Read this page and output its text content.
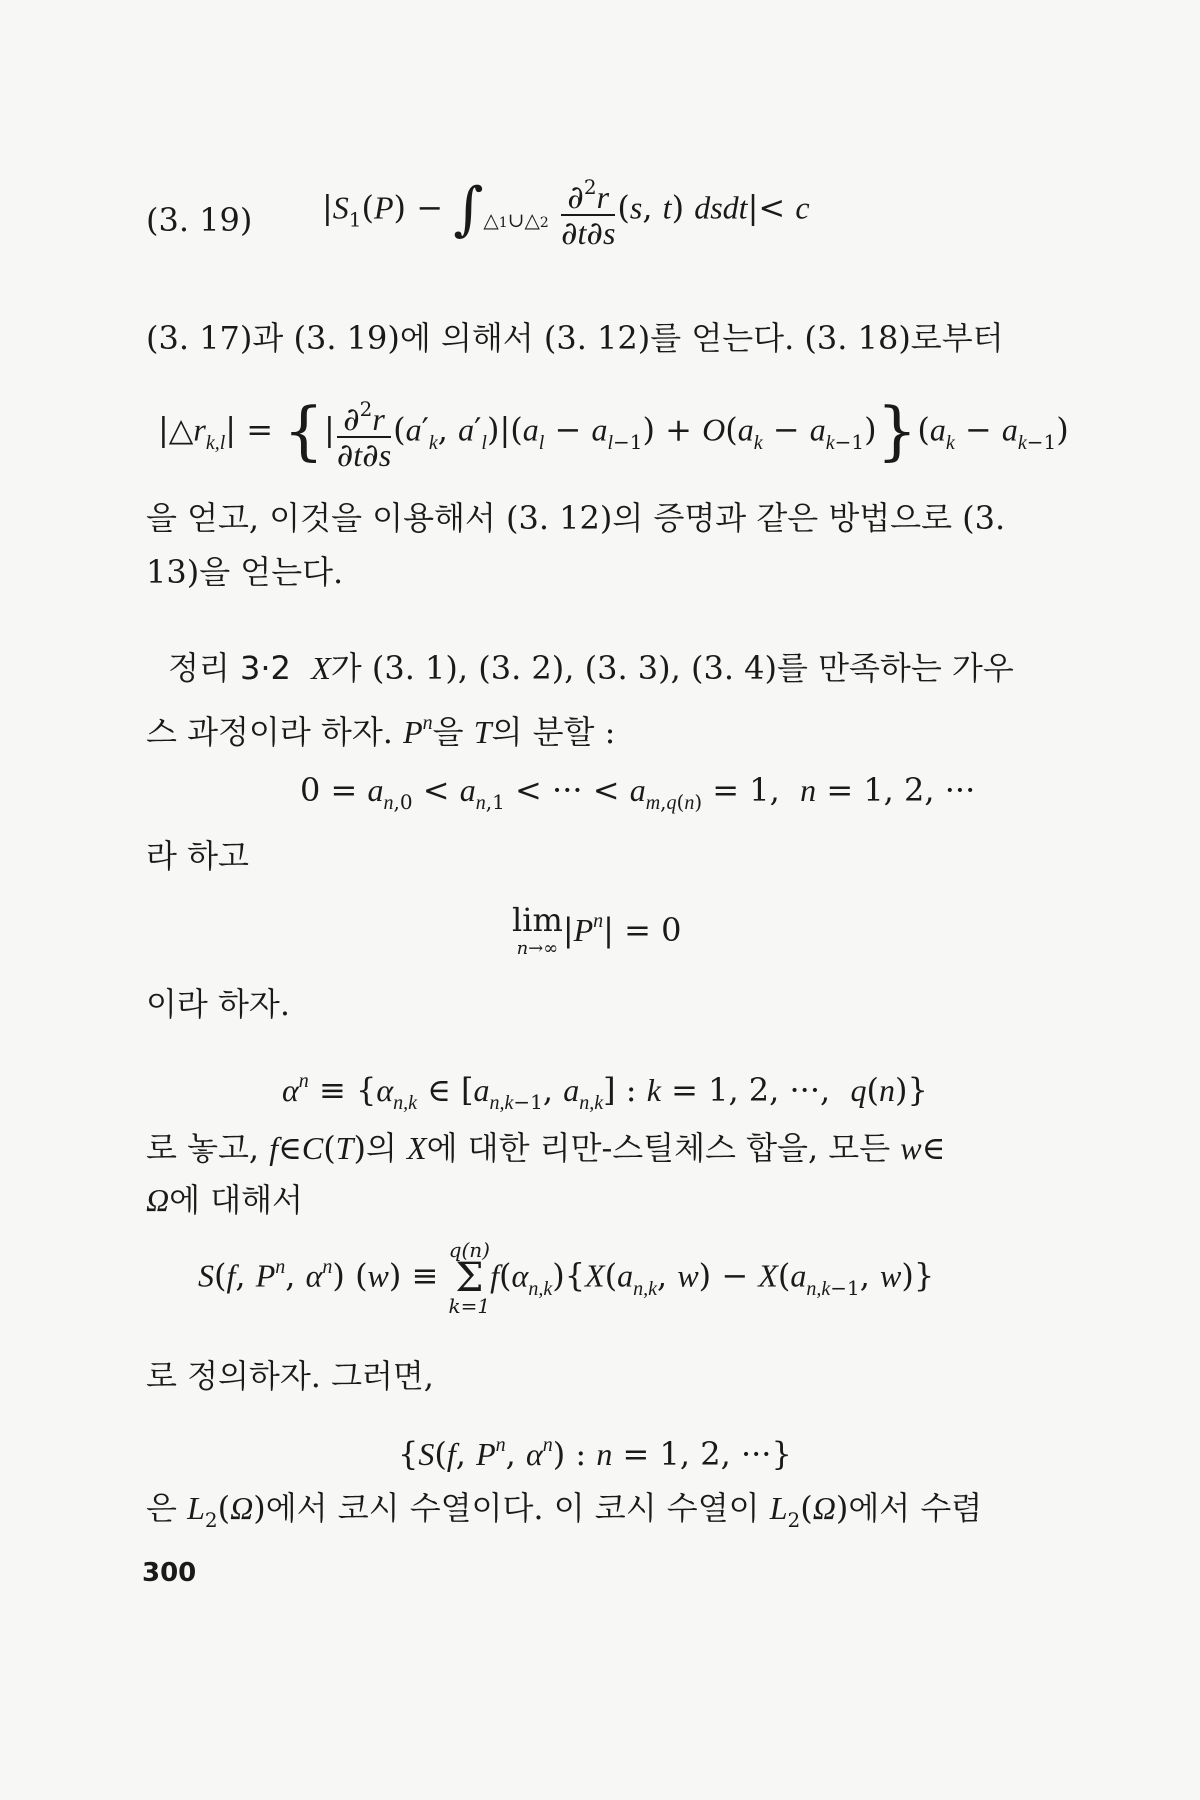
(3. 19) $|S_1(P) - \int_{\triangle 1\cup\triangle 2} \frac{\partial^2r}{\partial t\partial s} (s$, t) dsdt|< c
(3. 17)과 (3. 19)에 의해서 (3. 12)를 얻는다. (3. 18)로부터
$|\triangle r_{k,l}|$ = {| $\frac{\partial^2r}{\partial t\partial s} (a'_k$, $a'_l)|(a_l - a_{l-1}) + O(a_k - a_{k-1})\}(a_k - a_{k-1})$
을 얻고, 이것을 이용해서 (3. 12)의 증명과 같은 방법으로 (3.
13)을 얻는다.
정리 3·2 X가 (3. 1), (3. 2), (3. 3), (3. 4)를 만족하는 가우
스 과정이라 하자. $P^n$을 T의 분할 :
$0 = a_{n,0} < a_{n,1}$ < ··· < $a_{m,q(n)} = 1$,  n = 1, 2, ···
라 하고
lim
n→∞ $|P^n| = 0$
이라 하자.
$\alpha^n \equiv \{\alpha_{n,k}$ ∈ [$a_{n,k-1}$, $a_{n,k}$] : k = 1, 2, ···,  q(n)}
로 놓고, f∈C(T)의 X에 대한 리만-스틸체스 합을, 모든 w∈
Ω에 대해서
S(f, $P^n$, $\alpha^n$) (w) ≡
q(n)
Σ
k=1
$f(\alpha_{n,k})\{X(a_{n,k}$, $w) - X(a_{n,k-1}$, w)}
로 정의하자. 그러면,
{S(f, $P^n$, $\alpha^n$) : n = 1, 2, ···}
은 $L_2(\Omega)$에서 코시 수열이다. 이 코시 수열이 $L_2(\Omega)$에서 수렴
300
